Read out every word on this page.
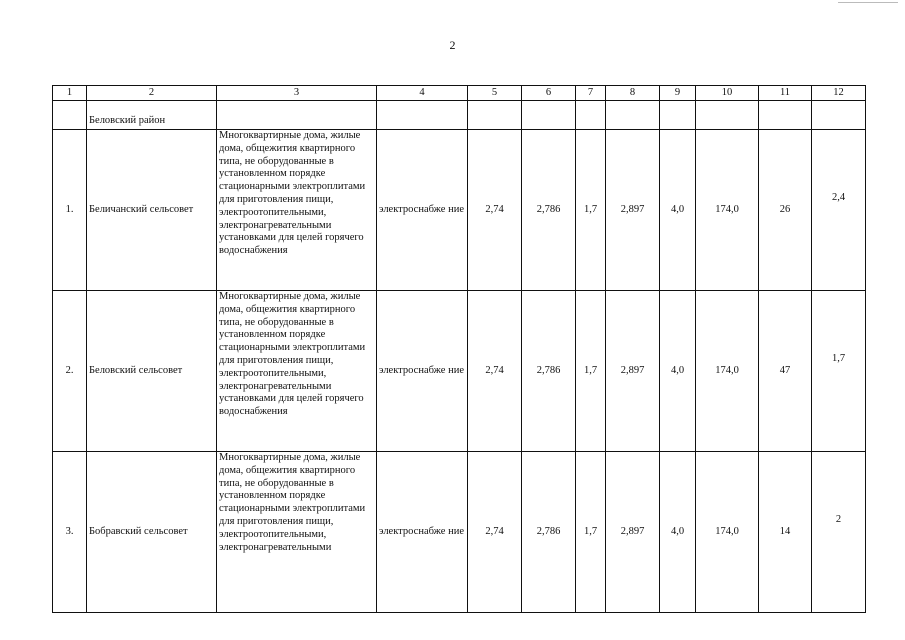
2
1	2	3	4	5	6	7	8	9	10	11	12
	Беловский район										
1.	Беличанский сельсовет	Многоквартирные дома, жилые дома, общежития квартирного типа, не оборудованные в установленном порядке стационарными электроплитами для приготовления пищи, электроотопительными, электронагревательными установками для целей горячего водоснабжения	электроснабже ние	2,74	2,786	1,7	2,897	4,0	174,0	26	2,4
2.	Беловский сельсовет	Многоквартирные дома, жилые дома, общежития квартирного типа, не оборудованные в установленном порядке стационарными электроплитами для приготовления пищи, электроотопительными, электронагревательными установками для целей горячего водоснабжения	электроснабже ние	2,74	2,786	1,7	2,897	4,0	174,0	47	1,7
3.	Бобравский сельсовет	Многоквартирные дома, жилые дома, общежития квартирного типа, не оборудованные в установленном порядке стационарными электроплитами для приготовления пищи, электроотопительными, электронагревательными	электроснабже ние	2,74	2,786	1,7	2,897	4,0	174,0	14	2
